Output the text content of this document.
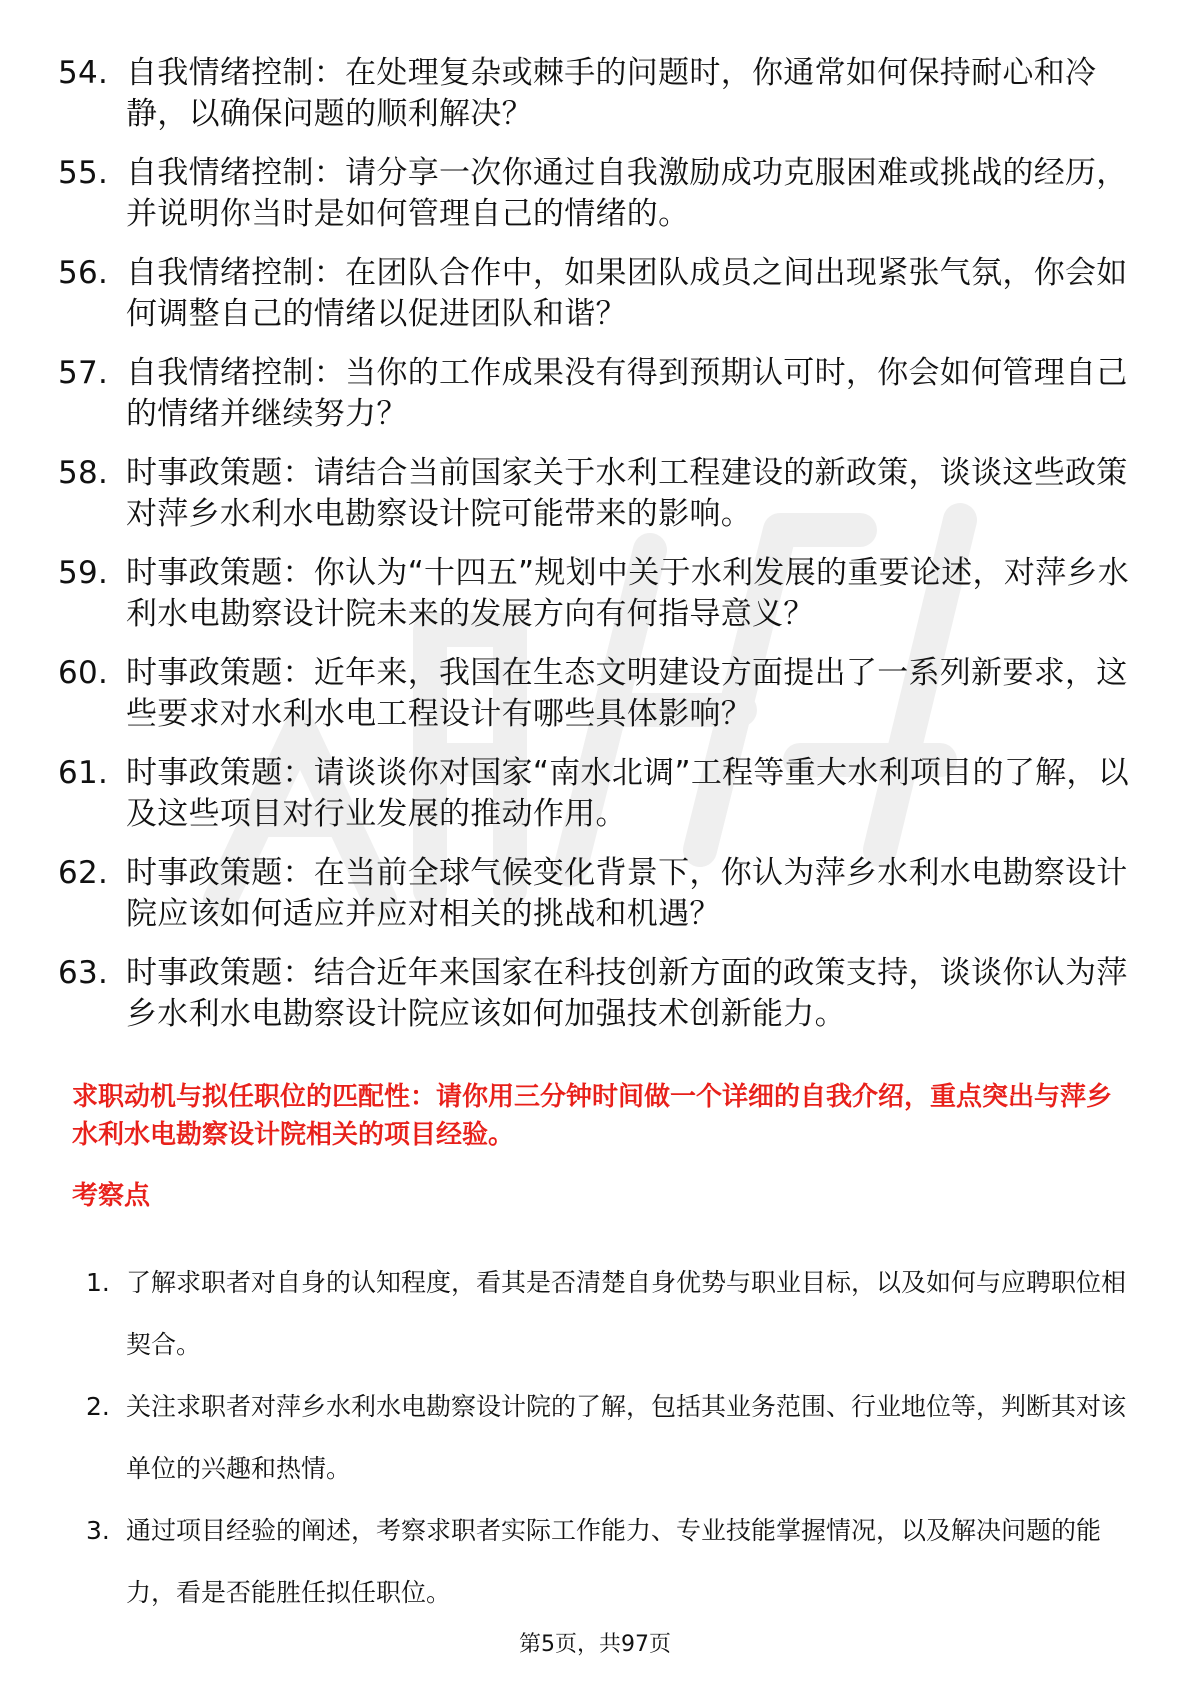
54. 自我情绪控制：在处理复杂或棘手的问题时，你通常如何保持耐心和冷静，以确保问题的顺利解决？
55. 自我情绪控制：请分享一次你通过自我激励成功克服困难或挑战的经历，并说明你当时是如何管理自己的情绪的。
56. 自我情绪控制：在团队合作中，如果团队成员之间出现紧张气氛，你会如何调整自己的情绪以促进团队和谐？
57. 自我情绪控制：当你的工作成果没有得到预期认可时，你会如何管理自己的情绪并继续努力？
58. 时事政策题：请结合当前国家关于水利工程建设的新政策，谈谈这些政策对萍乡水利水电勘察设计院可能带来的影响。
59. 时事政策题：你认为“十四五”规划中关于水利发展的重要论述，对萍乡水利水电勘察设计院未来的发展方向有何指导意义？
60. 时事政策题：近年来，我国在生态文明建设方面提出了一系列新要求，这些要求对水利水电工程设计有哪些具体影响？
61. 时事政策题：请谈谈你对国家“南水北调”工程等重大水利项目的了解，以及这些项目对行业发展的推动作用。
62. 时事政策题：在当前全球气候变化背景下，你认为萍乡水利水电勘察设计院应该如何适应并应对相关的挑战和机遇？
63. 时事政策题：结合近年来国家在科技创新方面的政策支持，谈谈你认为萍乡水利水电勘察设计院应该如何加强技术创新能力。
求职动机与拟任职位的匹配性：请你用三分钟时间做一个详细的自我介绍，重点突出与萍乡水利水电勘察设计院相关的项目经验。
考察点
1. 了解求职者对自身的认知程度，看其是否清楚自身优势与职业目标，以及如何与应聘职位相契合。
2. 关注求职者对萍乡水利水电勘察设计院的了解，包括其业务范围、行业地位等，判断其对该单位的兴趣和热情。
3. 通过项目经验的阐述，考察求职者实际工作能力、专业技能掌握情况，以及解决问题的能力，看是否能胜任拟任职位。
第5页，共97页
